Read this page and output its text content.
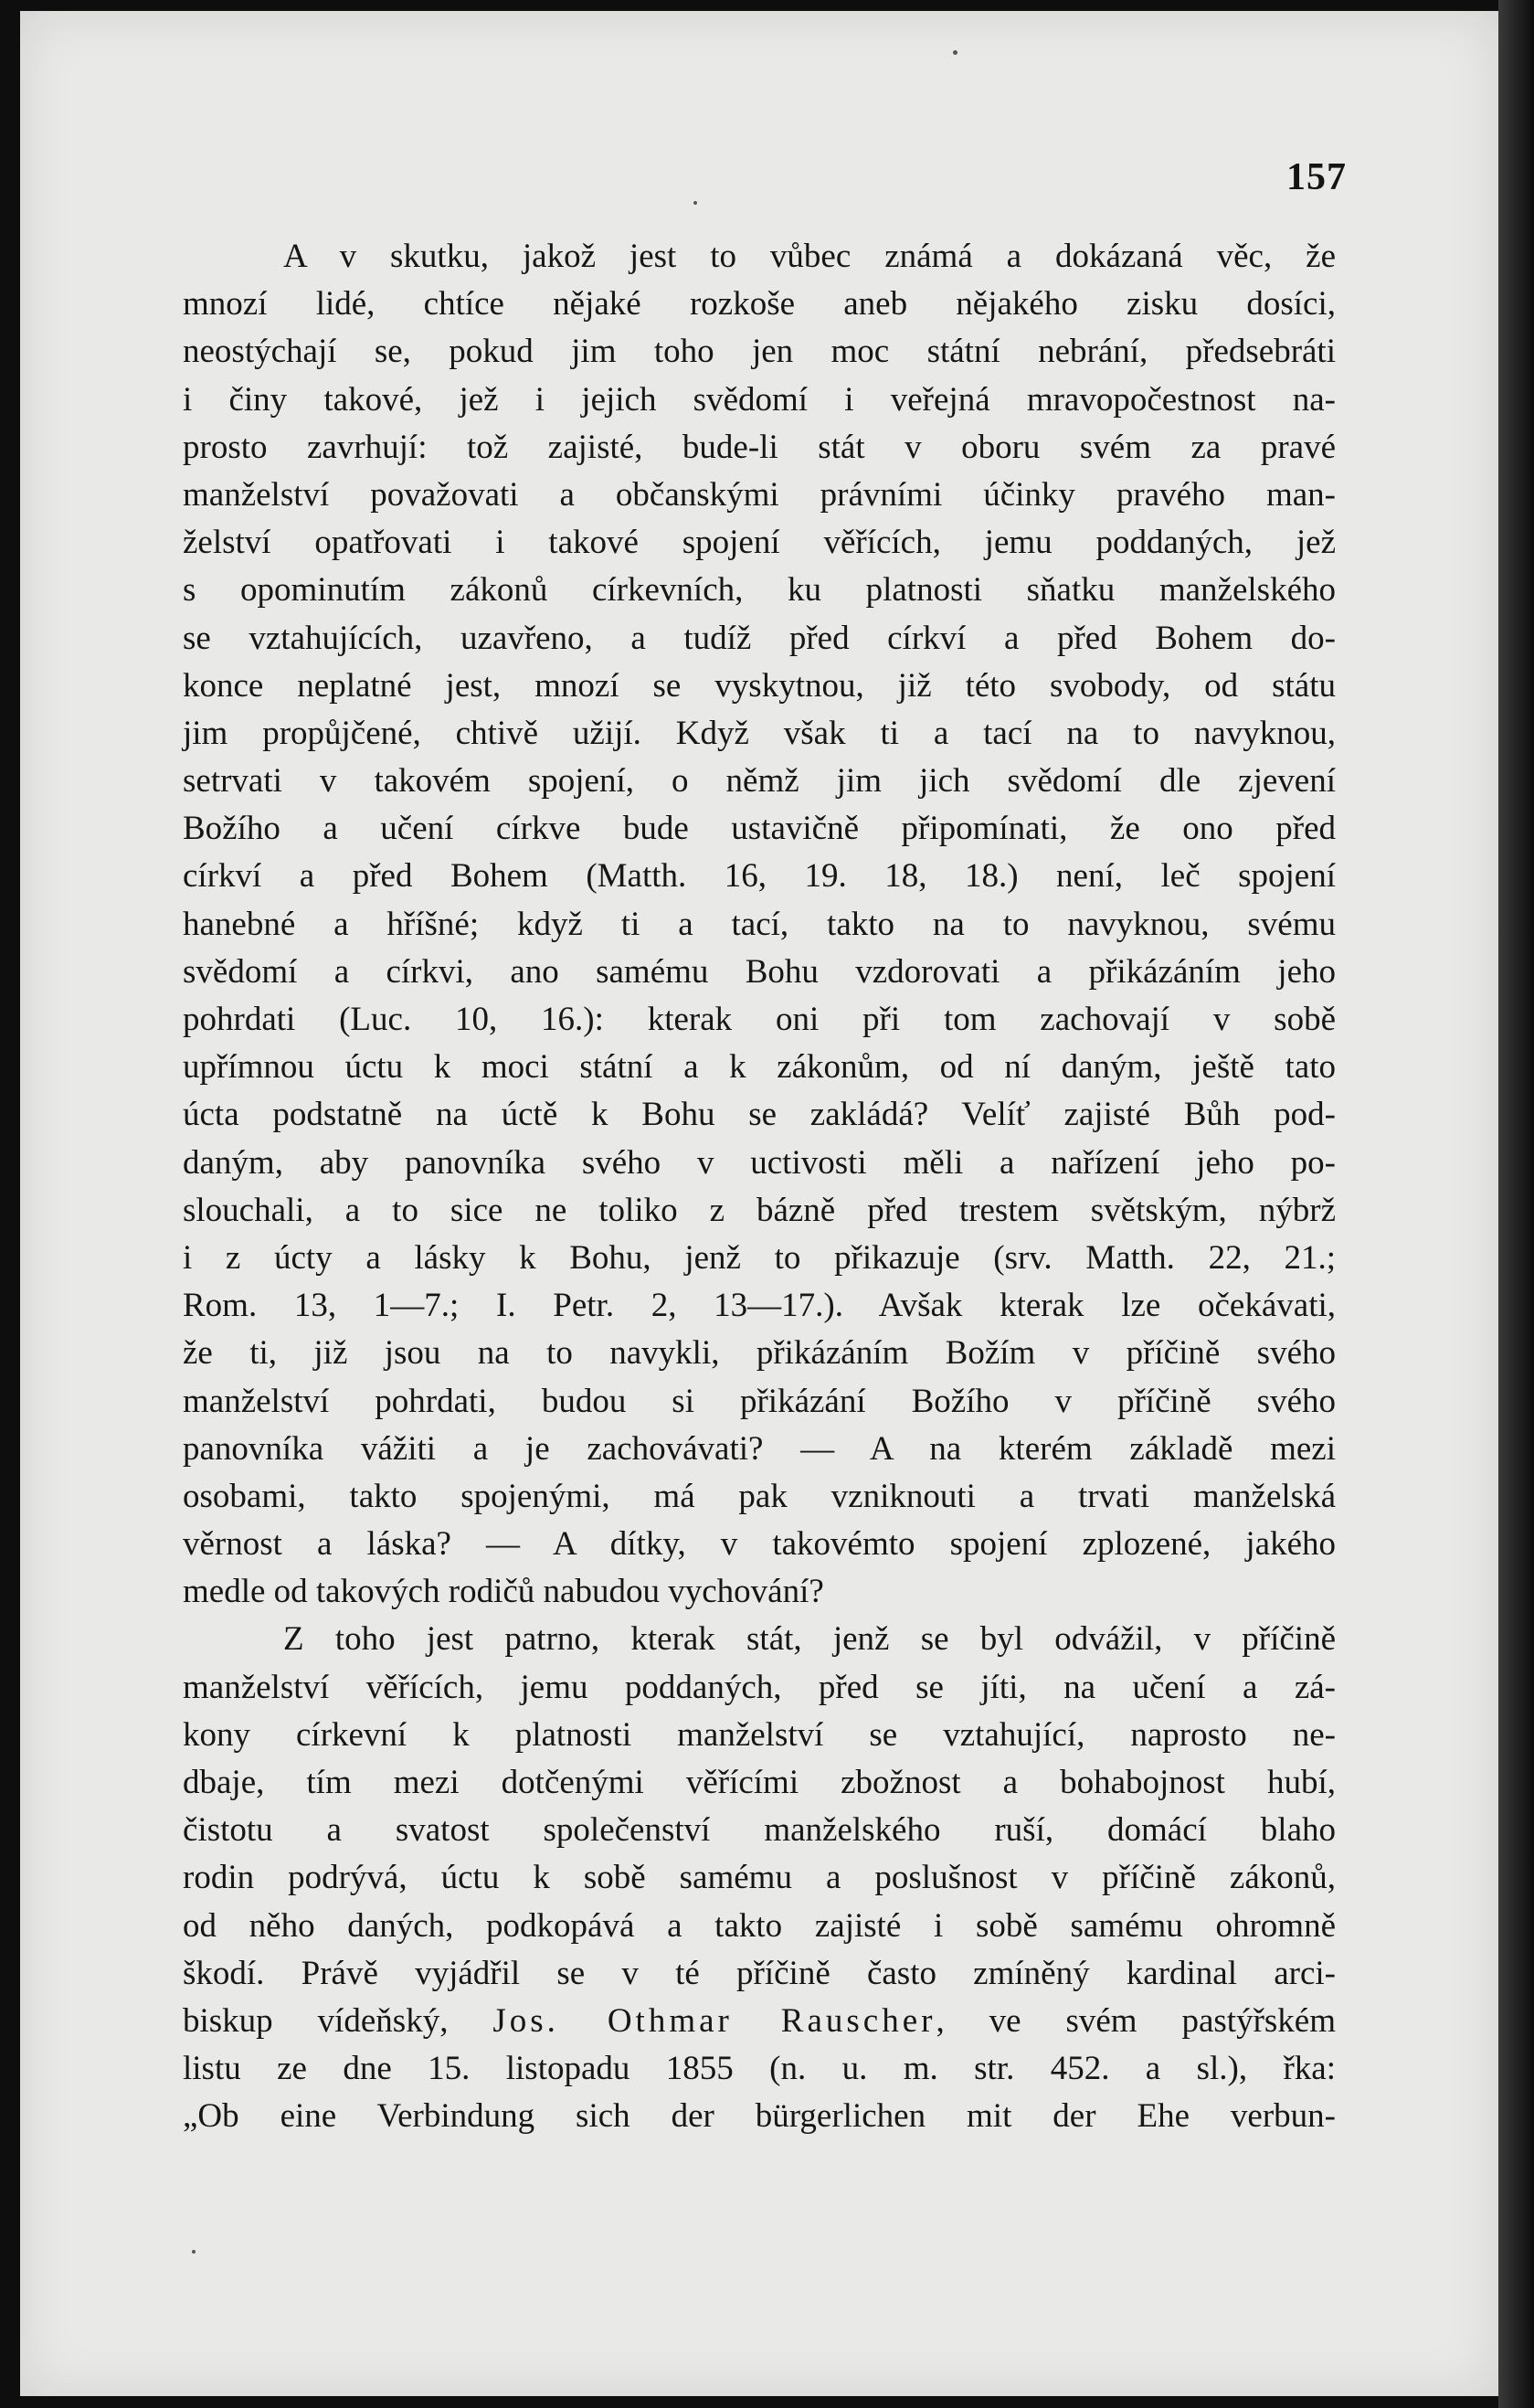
157
A v skutku, jakož jest to vůbec známá a dokázaná věc, že
mnozí lidé, chtíce nějaké rozkoše aneb nějakého zisku dosíci,
neostýchají se, pokud jim toho jen moc státní nebrání, předsebráti
i činy takové, jež i jejich svědomí i veřejná mravopočestnost na-
prosto zavrhují: tož zajisté, bude-li stát v oboru svém za pravé
manželství považovati a občanskými právními účinky pravého man-
želství opatřovati i takové spojení věřících, jemu poddaných, jež
s opominutím zákonů církevních, ku platnosti sňatku manželského
se vztahujících, uzavřeno, a tudíž před církví a před Bohem do-
konce neplatné jest, mnozí se vyskytnou, již této svobody, od státu
jim propůjčené, chtivě užijí. Když však ti a tací na to navyknou,
setrvati v takovém spojení, o němž jim jich svědomí dle zjevení
Božího a učení církve bude ustavičně připomínati, že ono před
církví a před Bohem (Matth. 16, 19. 18, 18.) není, leč spojení
hanebné a hříšné; když ti a tací, takto na to navyknou, svému
svědomí a církvi, ano samému Bohu vzdorovati a přikázáním jeho
pohrdati (Luc. 10, 16.): kterak oni při tom zachovají v sobě
upřímnou úctu k moci státní a k zákonům, od ní daným, ještě tato
úcta podstatně na úctě k Bohu se zakládá? Velíť zajisté Bůh pod-
daným, aby panovníka svého v uctivosti měli a nařízení jeho po-
slouchali, a to sice ne toliko z bázně před trestem světským, nýbrž
i z úcty a lásky k Bohu, jenž to přikazuje (srv. Matth. 22, 21.;
Rom. 13, 1—7.; I. Petr. 2, 13—17.). Avšak kterak lze očekávati,
že ti, již jsou na to navykli, přikázáním Božím v příčině svého
manželství pohrdati, budou si přikázání Božího v příčině svého
panovníka vážiti a je zachovávati? — A na kterém základě mezi
osobami, takto spojenými, má pak vzniknouti a trvati manželská
věrnost a láska? — A dítky, v takovémto spojení zplozené, jakého
medle od takových rodičů nabudou vychování?
Z toho jest patrno, kterak stát, jenž se byl odvážil, v příčině
manželství věřících, jemu poddaných, před se jíti, na učení a zá-
kony církevní k platnosti manželství se vztahující, naprosto ne-
dbaje, tím mezi dotčenými věřícími zbožnost a bohabojnost hubí,
čistotu a svatost společenství manželského ruší, domácí blaho
rodin podrývá, úctu k sobě samému a poslušnost v příčině zákonů,
od něho daných, podkopává a takto zajisté i sobě samému ohromně
škodí. Právě vyjádřil se v té příčině často zmíněný kardinal arci-
biskup vídeňský, Jos. Othmar Rauscher, ve svém pastýřském
listu ze dne 15. listopadu 1855 (n. u. m. str. 452. a sl.), řka:
„Ob eine Verbindung sich der bürgerlichen mit der Ehe verbun-
